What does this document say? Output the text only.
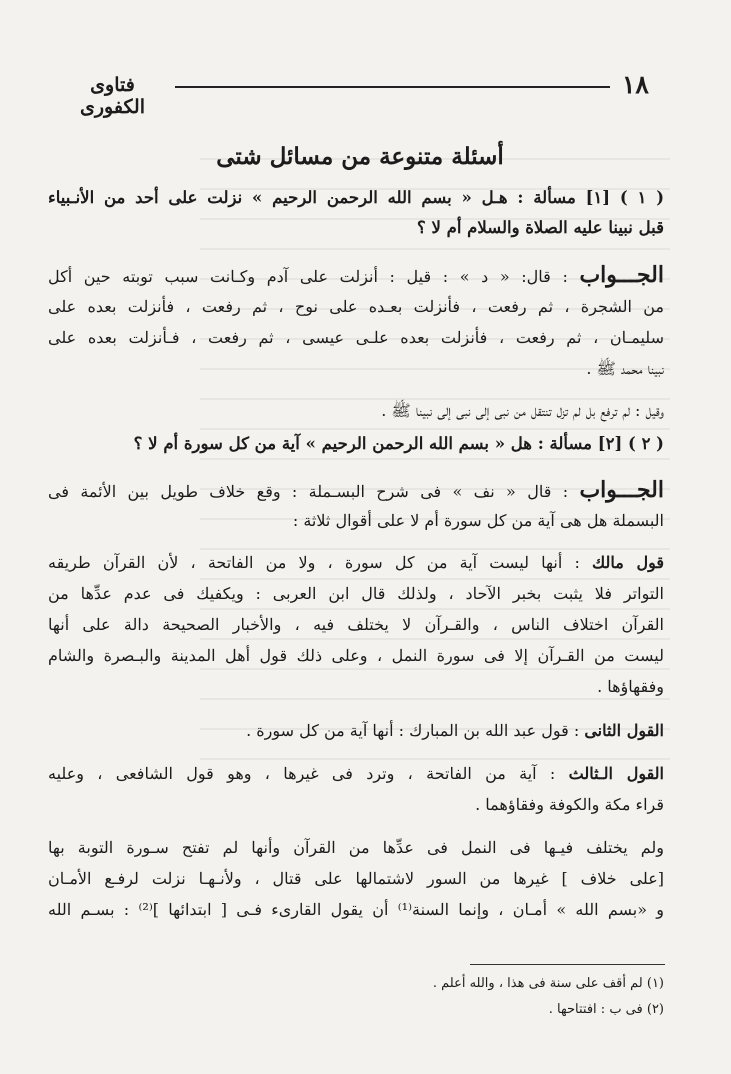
١٨
فتاوى الكفورى
أسئلة متنوعة من مسائل شتى
( ١ ) [١] مسألة : هـل « بسم الله الرحمن الرحيم » نزلت على أحد من الأنـبياء
قبل نبينا عليه الصلاة والسلام أم لا ؟
الجـــواب : قال: « د » : قيل : أنزلت على آدم وكـانت سبب توبته حين أكل
من الشجرة ، ثم رفعت ، فأنزلت بعـده على نوح ، ثم رفعت ، فأنزلت بعده على
سليمـان ، ثم رفعت ، فأنزلت بعده علـى عيسى ، ثم رفعت ، فـأنزلت بعده على
نبينا محمد ﷺ .
وقيل : لم ترفع بل لم تزل تنتقل من نبى إلى نبى إلى نبينا ﷺ .
( ٢ ) [٢] مسألة : هل « بسم الله الرحمن الرحيم » آية من كل سورة أم لا ؟
الجـــواب : قال « نف » فى شرح البسـملة : وقع خلاف طويل بين الأئمة فى
البسملة هل هى آية من كل سورة أم لا على أقوال ثلاثة :
قول مالك : أنها ليست آية من كل سورة ، ولا من الفاتحة ، لأن القرآن طريقه
التواتر فلا يثبت بخبر الآحاد ، ولذلك قال ابن العربى : ويكفيك فى عدم عدِّها من
القرآن اختلاف الناس ، والقـرآن لا يختلف فيه ، والأخبار الصحيحة دالة على أنها
ليست من القـرآن إلا فى سورة النمل ، وعلى ذلك قول أهل المدينة والبـصرة والشام
وفقهاؤها .
القول الثانى : قول عبد الله بن المبارك : أنها آية من كل سورة .
القول الـثالث : آية من الفاتحة ، وترد فى غيرها ، وهو قول الشافعى ، وعليه
قراء مكة والكوفة وفقاؤهما .
ولم يختلف فيـها فى النمل فى عدِّها من القرآن وأنها لم تفتح سـورة التوبة بها
[على خلاف ] غيرها من السور لاشتمالها على قتال ، ولأنـهـا نزلت لرفـع الأمـان
و «بسم الله » أمـان ، وإنما السنة⁽¹⁾ أن يقول القارىء فـى [ ابتدائها ]⁽²⁾ : بسـم الله
(١) لم أقف على سنة فى هذا ، والله أعلم .
(٢) فى ب : افتتاحها .
